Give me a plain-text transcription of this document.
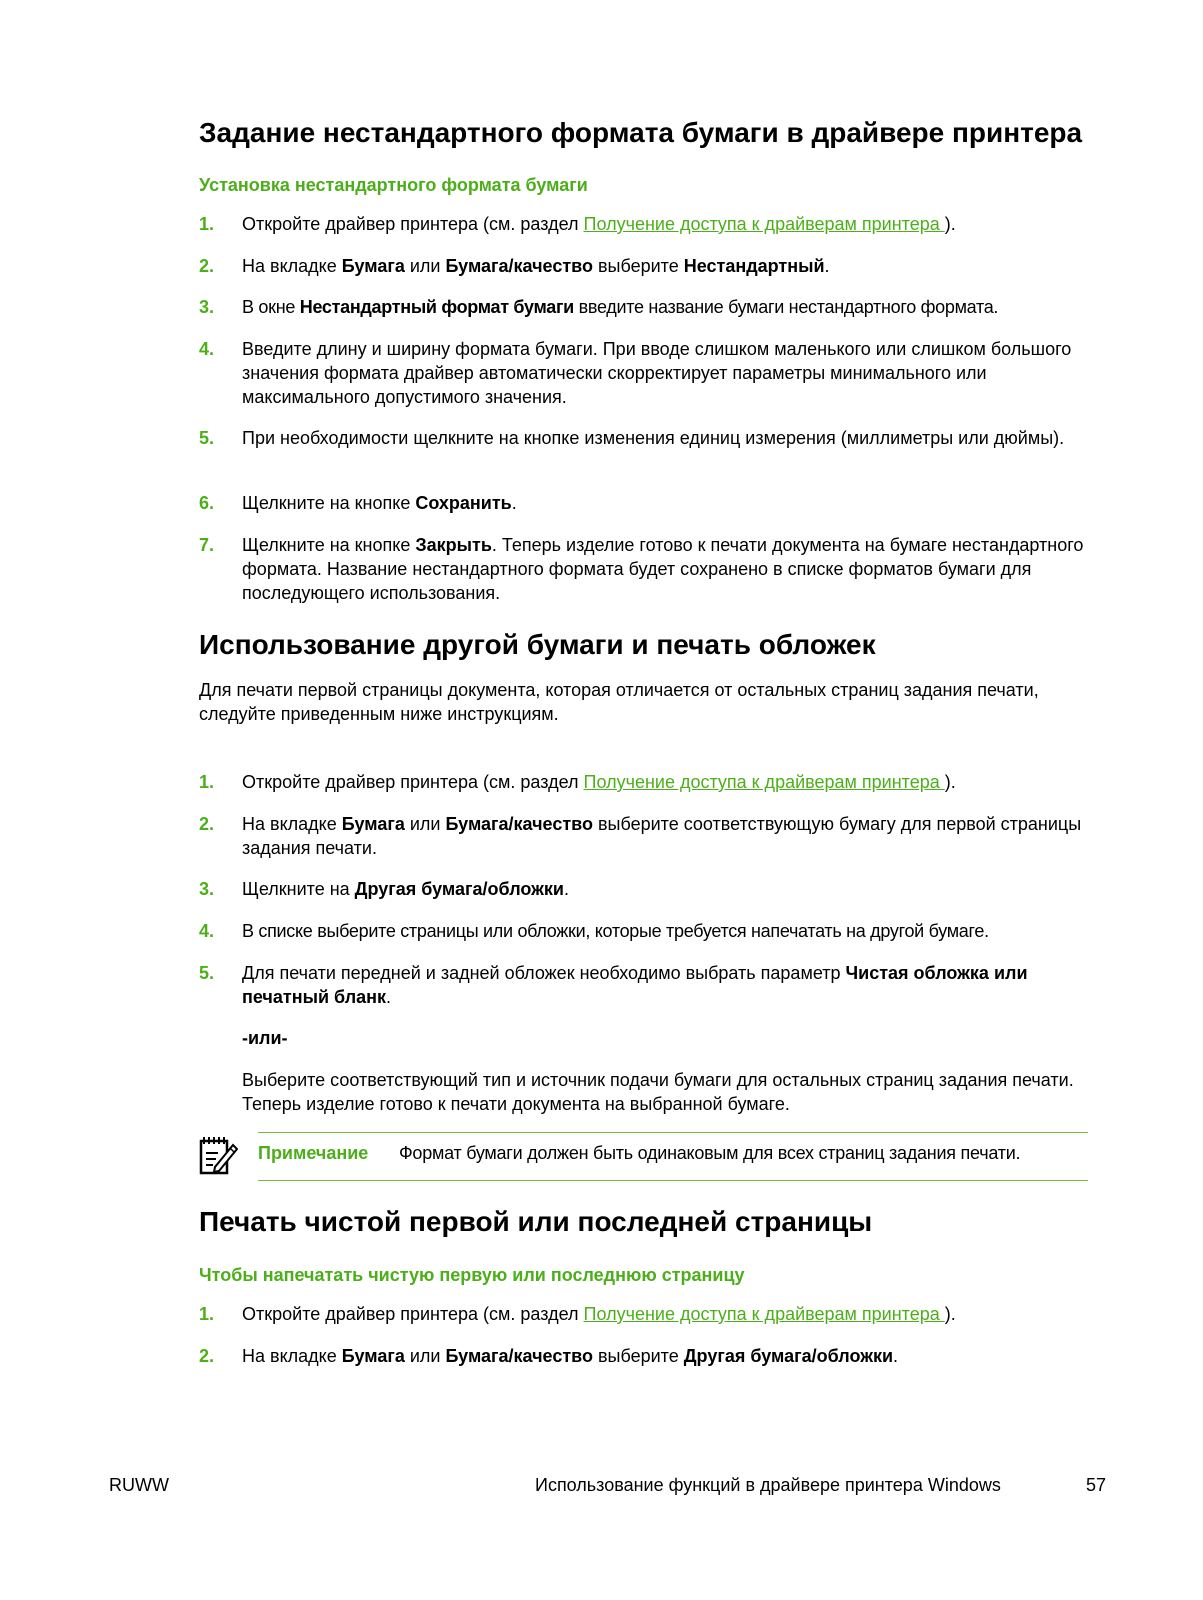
Задание нестандартного формата бумаги в драйвере принтера
Установка нестандартного формата бумаги
1. Откройте драйвер принтера (см. раздел Получение доступа к драйверам принтера ).
2. На вкладке Бумага или Бумага/качество выберите Нестандартный.
3. В окне Нестандартный формат бумаги введите название бумаги нестандартного формата.
4. Введите длину и ширину формата бумаги. При вводе слишком маленького или слишком большого значения формата драйвер автоматически скорректирует параметры минимального или максимального допустимого значения.
5. При необходимости щелкните на кнопке изменения единиц измерения (миллиметры или дюймы).
6. Щелкните на кнопке Сохранить.
7. Щелкните на кнопке Закрыть. Теперь изделие готово к печати документа на бумаге нестандартного формата. Название нестандартного формата будет сохранено в списке форматов бумаги для последующего использования.
Использование другой бумаги и печать обложек

Для печати первой страницы документа, которая отличается от остальных страниц задания печати, следуйте приведенным ниже инструкциям.

1. Откройте драйвер принтера (см. раздел Получение доступа к драйверам принтера ).
2. На вкладке Бумага или Бумага/качество выберите соответствующую бумагу для первой страницы задания печати.
3. Щелкните на Другая бумага/обложки.
4. В списке выберите страницы или обложки, которые требуется напечатать на другой бумаге.
5. Для печати передней и задней обложек необходимо выбрать параметр Чистая обложка или печатный бланк.
-или-
Выберите соответствующий тип и источник подачи бумаги для остальных страниц задания печати. Теперь изделие готово к печати документа на выбранной бумаге.
Примечание Формат бумаги должен быть одинаковым для всех страниц задания печати.
Печать чистой первой или последней страницы
Чтобы напечатать чистую первую или последнюю страницу
1. Откройте драйвер принтера (см. раздел Получение доступа к драйверам принтера ).
2. На вкладке Бумага или Бумага/качество выберите Другая бумага/обложки.
RUWW	Использование функций в драйвере принтера Windows	57
